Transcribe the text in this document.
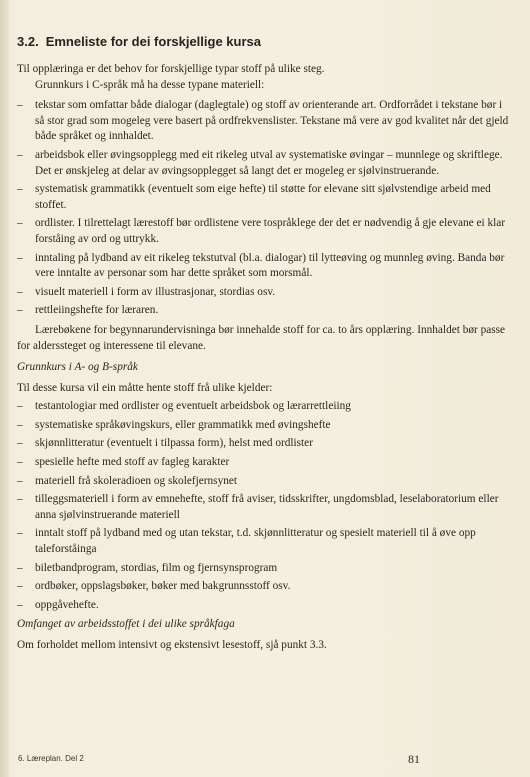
3.2. Emneliste for dei forskjellige kursa

Til opplæringa er det behov for forskjellige typar stoff på ulike steg.

Grunnkurs i C-språk må ha desse typane materiell:

– tekstar som omfattar både dialogar (daglegtale) og stoff av orienterande art. Ordforrådet i tekstane bør i så stor grad som mogeleg vere basert på ordfrekvenslister. Tekstane må vere av god kvalitet når det gjeld både språket og innhaldet.
– arbeidsbok eller øvingsopplegg med eit rikeleg utval av systematiske øvingar – munnlege og skriftlege. Det er ønskjeleg at delar av øvingsopplegget så langt det er mogeleg er sjølvinstruerande.
– systematisk grammatikk (eventuelt som eige hefte) til støtte for elevane sitt sjølvstendige arbeid med stoffet.
– ordlister. I tilrettelagt lærestoff bør ordlistene vere tospråklege der det er nødvendig å gje elevane ei klar forståing av ord og uttrykk.
– inntaling på lydband av eit rikeleg tekstutval (bl.a. dialogar) til lytteøving og munnleg øving. Banda bør vere inntalte av personar som har dette språket som morsmål.
– visuelt materiell i form av illustrasjonar, stordias osv.
– rettleiingshefte for læraren.

Lærebøkene for begynnarundervisninga bør innehalde stoff for ca. to års opplæring. Innhaldet bør passe for alderssteget og interessene til elevane.

Grunnkurs i A- og B-språk

Til desse kursa vil ein måtte hente stoff frå ulike kjelder:

– testantologiar med ordlister og eventuelt arbeidsbok og lærarrettleiing
– systematiske språkøvingskurs, eller grammatikk med øvingshefte
– skjønnlitteratur (eventuelt i tilpassa form), helst med ordlister
– spesielle hefte med stoff av fagleg karakter
– materiell frå skoleradioen og skolefjernsynet
– tilleggsmateriell i form av emnehefte, stoff frå aviser, tidsskrifter, ungdomsblad, leselaboratorium eller anna sjølvinstruerande materiell
– inntalt stoff på lydband med og utan tekstar, t.d. skjønnlitteratur og spesielt materiell til å øve opp taleforståinga
– biletbandprogram, stordias, film og fjernsynsprogram
– ordbøker, oppslagsbøker, bøker med bakgrunnsstoff osv.
– oppgåvehefte.

Omfanget av arbeidsstoffet i dei ulike språkfaga

Om forholdet mellom intensivt og ekstensivt lesestoff, sjå punkt 3.3.

6. Læreplan. Del 2	81
